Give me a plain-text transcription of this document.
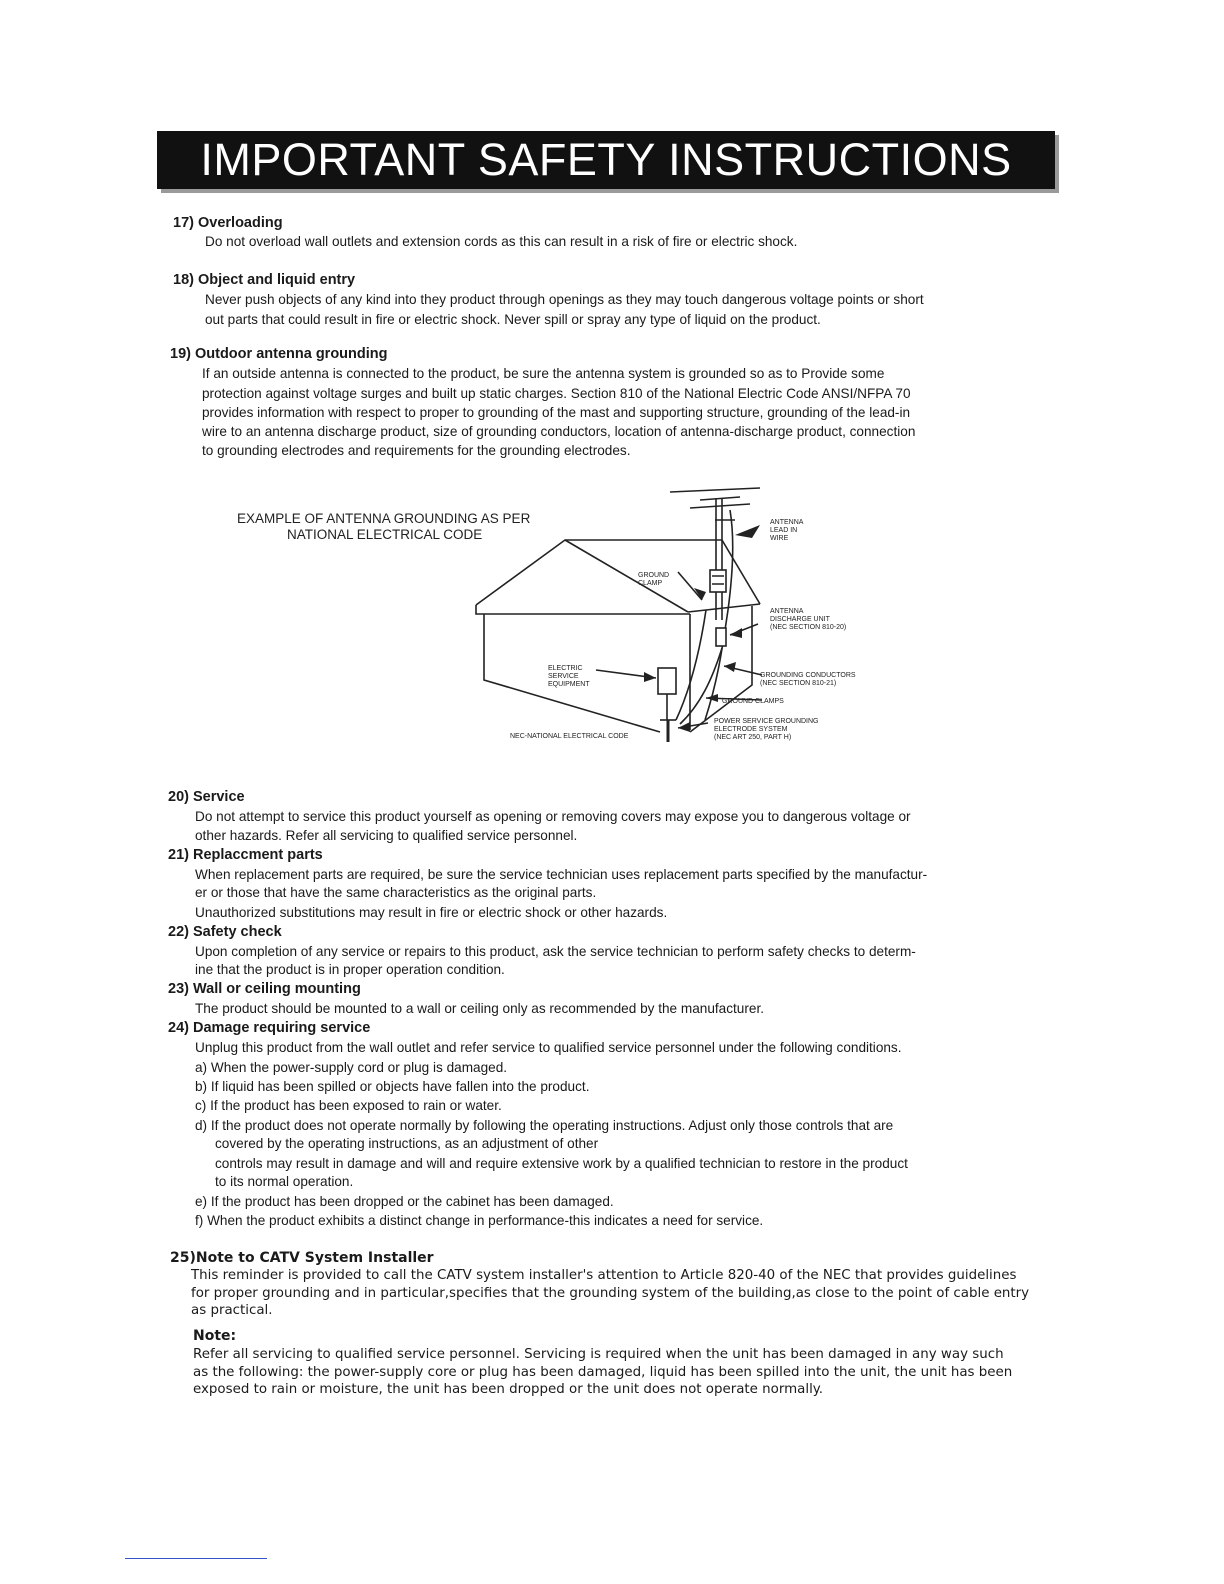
IMPORTANT SAFETY INSTRUCTIONS
17) Overloading
Do not overload wall outlets and extension cords as this can result in a risk of fire or electric shock.
18) Object and liquid entry
Never push objects of any kind into they product through openings as they may touch dangerous voltage points or short
out parts that could result in fire or electric shock. Never spill or spray any type of liquid on the product.
19) Outdoor antenna grounding
If an outside antenna is connected to the product, be sure the antenna system is grounded so as to Provide some
protection against voltage surges and built up static charges. Section 810 of the National Electric Code ANSI/NFPA 70
provides information with respect to proper to grounding of the mast and supporting structure, grounding of the lead-in
wire to an antenna discharge product, size of grounding conductors, location of antenna-discharge product, connection
to grounding electrodes and requirements for the grounding electrodes.
EXAMPLE OF ANTENNA GROUNDING AS PER
NATIONAL ELECTRICAL CODE
ANTENNA LEAD IN WIRE
GROUND CLAMP
ANTENNA DISCHARGE UNIT (NEC SECTION 810-20)
ELECTRIC SERVICE EQUIPMENT
GROUNDING CONDUCTORS (NEC SECTION 810-21)
GROUND CLAMPS
POWER SERVICE GROUNDING ELECTRODE SYSTEM (NEC ART 250, PART H)
NEC-NATIONAL ELECTRICAL CODE
20) Service
Do not attempt to service this product yourself as opening or removing covers may expose you to dangerous voltage or
other hazards. Refer all servicing to qualified service personnel.
21) Replaccment parts
When replacement parts are required, be sure the service technician uses replacement parts specified by the manufactur-
er or those that have the same characteristics as the original parts.
Unauthorized substitutions may result in fire or electric shock or other hazards.
22) Safety check
Upon completion of any service or repairs to this product, ask the service technician to perform safety checks to determ-
ine that the product is in proper operation condition.
23) Wall or ceiling mounting
The product should be mounted to a wall or ceiling only as recommended by the manufacturer.
24) Damage requiring service
Unplug this product from the wall outlet and refer service to qualified service personnel under the following conditions.
a) When the power-supply cord or plug is damaged.
b) If liquid has been spilled or objects have fallen into the product.
c) If the product has been exposed to rain or water.
d) If the product does not operate normally by following the operating instructions. Adjust only those controls that are
covered by the operating instructions, as an adjustment of other
controls may result in damage and will and require extensive work by a qualified technician to restore in the product
to its normal operation.
e) If the product has been dropped or the cabinet has been damaged.
f) When the product exhibits a distinct change in performance-this indicates a need for service.
25)Note to CATV System Installer
This reminder is provided to call the CATV system installer's attention to Article 820-40 of the NEC that provides guidelines
for proper grounding and in particular,specifies that the grounding system of the building,as close to the point of cable entry
as practical.
Note:
Refer all servicing to qualified service personnel. Servicing is required when the unit has been damaged in any way such
as the following: the power-supply core or plug has been damaged, liquid has been spilled into the unit, the unit has been
exposed to rain or moisture, the unit has been dropped or the unit does not operate normally.
